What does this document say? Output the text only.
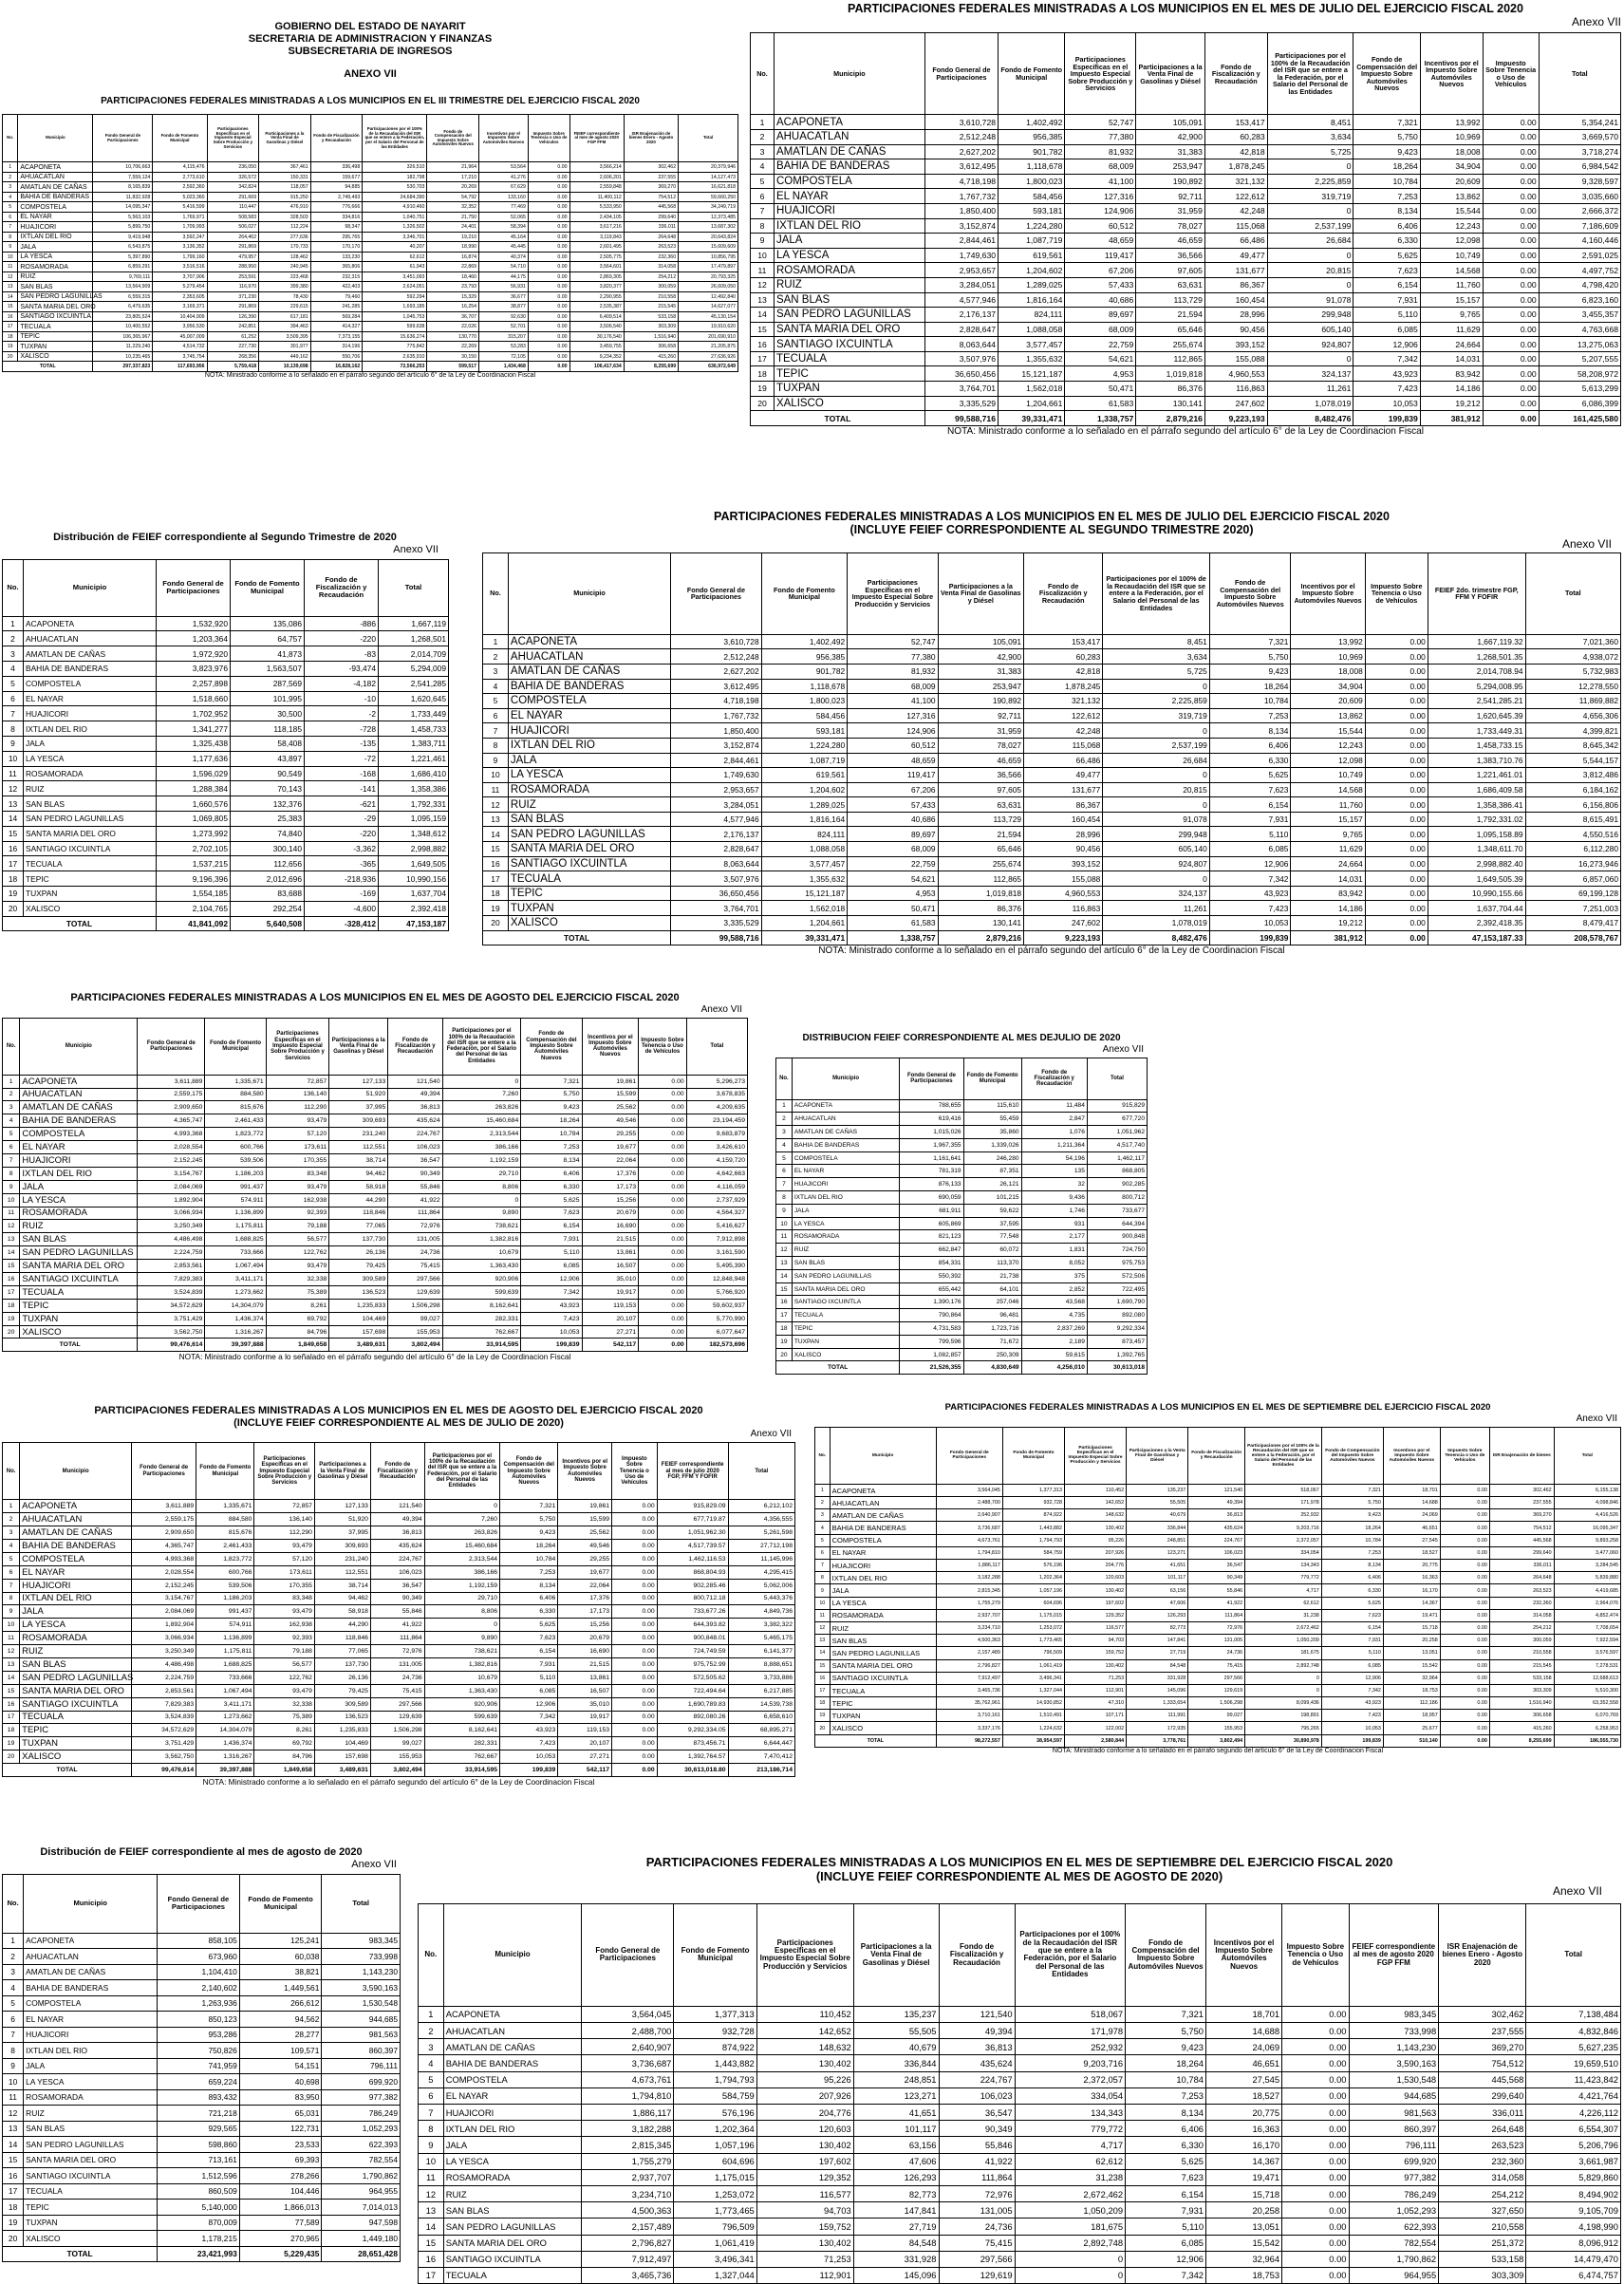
GOBIERNO DEL ESTADO DE NAYARIT
SECRETARIA DE ADMINISTRACION Y FINANZAS
SUBSECRETARIA DE INGRESOS
ANEXO VII
PARTICIPACIONES FEDERALES MINISTRADAS A LOS MUNICIPIOS EN EL III TRIMESTRE DEL EJERCICIO FISCAL 2020
No.	Municipio	Fondo General de Participaciones	Fondo de Fomento Municipal	Participaciones Específicas en el Impuesto Especial Sobre Producción y Servicios	Participaciones a la Venta Final de Gasolinas y Diésel	Fondo de Fiscalización y Recaudación	Participaciones por el 100% de la Recaudación del ISR que se entere a la Federación, por el Salario del Personal de las Entidades	Fondo de Compensación del Impuesto Sobre Automóviles Nuevos	Incentivos por el Impuesto Sobre Automóviles Nuevos	Impuesto Sobre Tenencia o Uso de Vehículos	FEIEF correspondiente al mes de agosto 2020 FGP FFM	ISR Enajenación de bienes Enero - Agosto 2020	Total
1	ACAPONETA	10,706,663	4,115,476	236,050	367,461	336,498	326,510	21,964	53,564	0.00	3,566,214	302,462	20,379,946
2	AHUACATLAN	7,559,124	2,773,610	326,572	150,331	159,677	182,798	17,210	41,276	0.00	2,606,201	237,555	14,127,473
3	AMATLAN DE CAÑAS	8,165,839	2,592,360	342,824	118,057	94,885	530,703	20,269	67,629	0.00	2,559,848	369,270	16,621,818
4	BAHIA DE BANDERAS	11,832,928	5,023,360	291,669	915,250	2,749,493	24,684,390	54,792	133,160	0.00	11,400,112	754,512	59,660,250
5	COMPOSTELA	14,095,347	5,416,599	110,447	476,910	776,666	4,910,460	32,352	77,469	0.00	5,533,950	445,568	34,249,719
6	EL NAYAR	5,563,103	1,769,971	508,583	328,503	334,816	1,040,751	21,750	52,065	0.00	2,434,105	299,640	12,373,485
7	HUAJICORI	5,899,750	1,709,993	506,027	112,224	98,347	1,326,502	24,401	58,394	0.00	3,617,216	336,011	13,687,302
8	IXTLAN DEL RIO	9,419,948	3,592,247	264,462	277,636	295,765	3,346,701	19,210	45,164	0.00	3,119,843	264,648	20,643,824
9	JALA	6,543,875	3,136,352	291,869	170,733	170,170	40,207	18,990	45,445	0.00	2,601,495	263,523	15,609,609
10	LA YESCA	5,397,890	1,799,160	479,957	128,462	133,230	62,612	16,874	40,374	0.00	2,505,775	232,360	10,856,795
11	ROSAMORADA	6,859,291	3,516,516	288,950	240,945	365,806	61,943	22,869	54,710	0.00	3,564,601	314,058	17,479,897
12	RUIZ	9,769,111	3,707,906	253,591	223,468	232,315	3,451,093	18,460	44,175	0.00	2,869,305	254,212	20,793,325
13	SAN BLAS	13,564,909	5,279,454	116,970	399,380	422,403	2,624,051	23,793	56,931	0.00	3,820,377	300,059	26,609,050
14	SAN PEDRO LAGUNILLAS	6,559,315	2,353,605	371,230	78,430	79,460	592,294	15,329	36,677	0.00	2,290,955	210,558	12,492,840
15	SANTA MARIA DEL ORO	6,479,635	3,169,371	291,869	229,615	241,285	1,693,185	16,254	38,877	0.00	2,535,387	215,545	14,627,077
16	SANTIAGO IXCUINTLA	23,805,524	10,404,909	126,390	617,181	569,284	1,045,753	36,707	92,630	0.00	6,409,514	533,158	45,130,154
17	TECUALA	10,400,552	3,956,530	242,851	394,463	414,327	599,638	22,026	52,701	0.00	3,506,540	303,309	19,910,620
18	TEPIC	106,365,967	45,007,009	61,252	3,509,395	7,373,155	15,636,274	130,770	315,207	0.00	30,176,540	1,516,940	201,690,910
19	TUXPAN	11,229,240	4,514,732	227,730	301,977	314,196	775,842	22,269	53,283	0.00	3,459,755	306,658	21,205,875
20	XALISCO	10,235,465	3,745,754	268,356	449,162	550,706	2,635,910	30,150	72,105	0.00	9,234,352	415,260	27,636,926
TOTAL		297,337,823	117,693,956	5,759,418	10,139,698	16,828,162	72,566,253	599,517	1,434,468	0.00	106,417,634	8,255,699	636,972,649
NOTA: Ministrado conforme a lo señalado en el párrafo segundo del artículo 6° de la Ley de Coordinacion Fiscal
PARTICIPACIONES FEDERALES MINISTRADAS A LOS MUNICIPIOS EN EL MES DE JULIO DEL EJERCICIO FISCAL 2020
Anexo VII
No.	Municipio	Fondo General de Participaciones	Fondo de Fomento Municipal	Participaciones Específicas en el Impuesto Especial Sobre Producción y Servicios	Participaciones a la Venta Final de Gasolinas y Diésel	Fondo de Fiscalización y Recaudación	Participaciones por el 100% de la Recaudación del ISR que se entere a la Federación, por el Salario del Personal de las Entidades	Fondo de Compensación del Impuesto Sobre Automóviles Nuevos	Incentivos por el Impuesto Sobre Automóviles Nuevos	Impuesto Sobre Tenencia o Uso de Vehículos	Total
1	ACAPONETA	3,610,728	1,402,492	52,747	105,091	153,417	8,451	7,321	13,992	0.00	5,354,241
2	AHUACATLAN	2,512,248	956,385	77,380	42,900	60,283	3,634	5,750	10,969	0.00	3,669,570
3	AMATLAN DE CAÑAS	2,627,202	901,782	81,932	31,383	42,818	5,725	9,423	18,008	0.00	3,718,274
4	BAHIA DE BANDERAS	3,612,495	1,118,678	68,009	253,947	1,878,245	0	18,264	34,904	0.00	6,984,542
5	COMPOSTELA	4,718,198	1,800,023	41,100	190,892	321,132	2,225,859	10,784	20,609	0.00	9,328,597
6	EL NAYAR	1,767,732	584,456	127,316	92,711	122,612	319,719	7,253	13,862	0.00	3,035,660
7	HUAJICORI	1,850,400	593,181	124,906	31,959	42,248	0	8,134	15,544	0.00	2,666,372
8	IXTLAN DEL RIO	3,152,874	1,224,280	60,512	78,027	115,068	2,537,199	6,406	12,243	0.00	7,186,609
9	JALA	2,844,461	1,087,719	48,659	46,659	66,486	26,684	6,330	12,098	0.00	4,160,446
10	LA YESCA	1,749,630	619,561	119,417	36,566	49,477	0	5,625	10,749	0.00	2,591,025
11	ROSAMORADA	2,953,657	1,204,602	67,206	97,605	131,677	20,815	7,623	14,568	0.00	4,497,752
12	RUIZ	3,284,051	1,289,025	57,433	63,631	86,367	0	6,154	11,760	0.00	4,798,420
13	SAN BLAS	4,577,946	1,816,164	40,686	113,729	160,454	91,078	7,931	15,157	0.00	6,823,160
14	SAN PEDRO LAGUNILLAS	2,176,137	824,111	89,697	21,594	28,996	299,948	5,110	9,765	0.00	3,455,357
15	SANTA MARIA DEL ORO	2,828,647	1,088,058	68,009	65,646	90,456	605,140	6,085	11,629	0.00	4,763,668
16	SANTIAGO IXCUINTLA	8,063,644	3,577,457	22,759	255,674	393,152	924,807	12,906	24,664	0.00	13,275,063
17	TECUALA	3,507,976	1,355,632	54,621	112,865	155,088	0	7,342	14,031	0.00	5,207,555
18	TEPIC	36,650,456	15,121,187	4,953	1,019,818	4,960,553	324,137	43,923	83,942	0.00	58,208,972
19	TUXPAN	3,764,701	1,562,018	50,471	86,376	116,863	11,261	7,423	14,186	0.00	5,613,299
20	XALISCO	3,335,529	1,204,661	61,583	130,141	247,602	1,078,019	10,053	19,212	0.00	6,086,399
TOTAL		99,588,716	39,331,471	1,338,757	2,879,216	9,223,193	8,482,476	199,839	381,912	0.00	161,425,580
NOTA: Ministrado conforme a lo señalado en el párrafo segundo del artículo 6° de la Ley de Coordinacion Fiscal
Distribución de FEIEF correspondiente al Segundo Trimestre de 2020
Anexo VII
No.	Municipio	Fondo General de Participaciones	Fondo de Fomento Municipal	Fondo de Fiscalización y Recaudación	Total
1	ACAPONETA	1,532,920	135,086	-886	1,667,119
2	AHUACATLAN	1,203,364	64,757	-220	1,268,501
3	AMATLAN DE CAÑAS	1,972,920	41,873	-83	2,014,709
4	BAHIA DE BANDERAS	3,823,976	1,563,507	-93,474	5,294,009
5	COMPOSTELA	2,257,898	287,569	-4,182	2,541,285
6	EL NAYAR	1,518,660	101,995	-10	1,620,645
7	HUAJICORI	1,702,952	30,500	-2	1,733,449
8	IXTLAN DEL RIO	1,341,277	118,185	-728	1,458,733
9	JALA	1,325,438	58,408	-135	1,383,711
10	LA YESCA	1,177,636	43,897	-72	1,221,461
11	ROSAMORADA	1,596,029	90,549	-168	1,686,410
12	RUIZ	1,288,384	70,143	-141	1,358,386
13	SAN BLAS	1,660,576	132,376	-621	1,792,331
14	SAN PEDRO LAGUNILLAS	1,069,805	25,383	-29	1,095,159
15	SANTA MARIA DEL ORO	1,273,992	74,840	-220	1,348,612
16	SANTIAGO IXCUINTLA	2,702,105	300,140	-3,362	2,998,882
17	TECUALA	1,537,215	112,656	-365	1,649,505
18	TEPIC	9,196,396	2,012,696	-218,936	10,990,156
19	TUXPAN	1,554,185	83,688	-169	1,637,704
20	XALISCO	2,104,765	292,254	-4,600	2,392,418
TOTAL		41,841,092	5,640,508	-328,412	47,153,187
PARTICIPACIONES FEDERALES MINISTRADAS A LOS MUNICIPIOS EN EL MES DE JULIO DEL EJERCICIO FISCAL 2020
(INCLUYE FEIEF CORRESPONDIENTE AL SEGUNDO TRIMESTRE 2020)
Anexo VII
No.	Municipio	Fondo General de Participaciones	Fondo de Fomento Municipal	Participaciones Específicas en el Impuesto Especial Sobre Producción y Servicios	Participaciones a la Venta Final de Gasolinas y Diésel	Fondo de Fiscalización y Recaudación	Participaciones por el 100% de la Recaudación del ISR que se entere a la Federación, por el Salario del Personal de las Entidades	Fondo de Compensación del Impuesto Sobre Automóviles Nuevos	Incentivos por el Impuesto Sobre Automóviles Nuevos	Impuesto Sobre Tenencia o Uso de Vehículos	FEIEF 2do. trimestre FGP, FFM Y FOFIR	Total
1	ACAPONETA	3,610,728	1,402,492	52,747	105,091	153,417	8,451	7,321	13,992	0.00	1,667,119.32	7,021,360
2	AHUACATLAN	2,512,248	956,385	77,380	42,900	60,283	3,634	5,750	10,969	0.00	1,268,501.35	4,938,072
3	AMATLAN DE CAÑAS	2,627,202	901,782	81,932	31,383	42,818	5,725	9,423	18,008	0.00	2,014,708.94	5,732,983
4	BAHIA DE BANDERAS	3,612,495	1,118,678	68,009	253,947	1,878,245	0	18,264	34,904	0.00	5,294,008.95	12,278,550
5	COMPOSTELA	4,718,198	1,800,023	41,100	190,892	321,132	2,225,859	10,784	20,609	0.00	2,541,285.21	11,869,882
6	EL NAYAR	1,767,732	584,456	127,316	92,711	122,612	319,719	7,253	13,862	0.00	1,620,645.39	4,656,306
7	HUAJICORI	1,850,400	593,181	124,906	31,959	42,248	0	8,134	15,544	0.00	1,733,449.31	4,399,821
8	IXTLAN DEL RIO	3,152,874	1,224,280	60,512	78,027	115,068	2,537,199	6,406	12,243	0.00	1,458,733.15	8,645,342
9	JALA	2,844,461	1,087,719	48,659	46,659	66,486	26,684	6,330	12,098	0.00	1,383,710.76	5,544,157
10	LA YESCA	1,749,630	619,561	119,417	36,566	49,477	0	5,625	10,749	0.00	1,221,461.01	3,812,486
11	ROSAMORADA	2,953,657	1,204,602	67,206	97,605	131,677	20,815	7,623	14,568	0.00	1,686,409.58	6,184,162
12	RUIZ	3,284,051	1,289,025	57,433	63,631	86,367	0	6,154	11,760	0.00	1,358,386.41	6,156,806
13	SAN BLAS	4,577,946	1,816,164	40,686	113,729	160,454	91,078	7,931	15,157	0.00	1,792,331.02	8,615,491
14	SAN PEDRO LAGUNILLAS	2,176,137	824,111	89,697	21,594	28,996	299,948	5,110	9,765	0.00	1,095,158.89	4,550,516
15	SANTA MARIA DEL ORO	2,828,647	1,088,058	68,009	65,646	90,456	605,140	6,085	11,629	0.00	1,348,611.70	6,112,280
16	SANTIAGO IXCUINTLA	8,063,644	3,577,457	22,759	255,674	393,152	924,807	12,906	24,664	0.00	2,998,882.40	16,273,946
17	TECUALA	3,507,976	1,355,632	54,621	112,865	155,088	0	7,342	14,031	0.00	1,649,505.39	6,857,060
18	TEPIC	36,650,456	15,121,187	4,953	1,019,818	4,960,553	324,137	43,923	83,942	0.00	10,990,155.66	69,199,128
19	TUXPAN	3,764,701	1,562,018	50,471	86,376	116,863	11,261	7,423	14,186	0.00	1,637,704.44	7,251,003
20	XALISCO	3,335,529	1,204,661	61,583	130,141	247,602	1,078,019	10,053	19,212	0.00	2,392,418.35	8,479,417
TOTAL		99,588,716	39,331,471	1,338,757	2,879,216	9,223,193	8,482,476	199,839	381,912	0.00	47,153,187.33	208,578,767
NOTA: Ministrado conforme a lo señalado en el párrafo segundo del artículo 6° de la Ley de Coordinacion Fiscal
PARTICIPACIONES FEDERALES MINISTRADAS A LOS MUNICIPIOS EN EL MES DE AGOSTO DEL EJERCICIO FISCAL 2020
Anexo VII
No.	Municipio	Fondo General de Participaciones	Fondo de Fomento Municipal	Participaciones Específicas en el Impuesto Especial Sobre Producción y Servicios	Participaciones a la Venta Final de Gasolinas y Diésel	Fondo de Fiscalización y Recaudación	Participaciones por el 100% de la Recaudación del ISR que se entere a la Federación, por el Salario del Personal de las Entidades	Fondo de Compensación del Impuesto Sobre Automóviles Nuevos	Incentivos por el Impuesto Sobre Automóviles Nuevos	Impuesto Sobre Tenencia o Uso de Vehículos	Total
1	ACAPONETA	3,611,889	1,335,671	72,857	127,133	121,540	0	7,321	19,861	0.00	5,296,273
2	AHUACATLAN	2,559,175	884,580	136,140	51,920	49,394	7,260	5,750	15,599	0.00	3,678,835
3	AMATLAN DE CAÑAS	2,909,650	815,676	112,290	37,995	36,813	263,826	9,423	25,562	0.00	4,209,635
4	BAHIA DE BANDERAS	4,365,747	2,461,433	93,479	309,693	435,624	15,460,684	18,264	49,546	0.00	23,194,459
5	COMPOSTELA	4,993,368	1,823,772	57,120	231,240	224,767	2,313,544	10,784	29,255	0.00	9,683,879
6	EL NAYAR	2,028,554	600,766	173,611	112,551	106,023	386,166	7,253	19,677	0.00	3,426,610
7	HUAJICORI	2,152,245	539,506	170,355	38,714	36,547	1,192,159	8,134	22,064	0.00	4,159,720
8	IXTLAN DEL RIO	3,154,767	1,186,203	83,348	94,462	90,349	29,710	6,406	17,376	0.00	4,642,663
9	JALA	2,084,069	991,437	93,479	58,918	55,846	8,806	6,330	17,173	0.00	4,116,059
10	LA YESCA	1,892,904	574,911	162,938	44,290	41,922	0	5,625	15,256	0.00	2,737,929
11	ROSAMORADA	3,066,934	1,136,899	92,393	118,846	111,864	9,890	7,623	20,679	0.00	4,564,327
12	RUIZ	3,250,349	1,175,811	79,188	77,065	72,976	738,621	6,154	16,690	0.00	5,416,627
13	SAN BLAS	4,486,498	1,688,825	56,577	137,730	131,005	1,382,816	7,931	21,515	0.00	7,912,898
14	SAN PEDRO LAGUNILLAS	2,224,759	733,666	122,762	26,136	24,736	10,679	5,110	13,861	0.00	3,161,590
15	SANTA MARIA DEL ORO	2,853,561	1,067,494	93,479	79,425	75,415	1,363,430	6,085	16,507	0.00	5,495,390
16	SANTIAGO IXCUINTLA	7,829,383	3,411,171	32,338	309,589	297,566	920,906	12,906	35,010	0.00	12,848,948
17	TECUALA	3,524,839	1,273,662	75,389	136,523	129,639	599,639	7,342	19,917	0.00	5,766,920
18	TEPIC	34,572,629	14,304,079	8,261	1,235,833	1,506,298	8,162,641	43,923	119,153	0.00	59,602,937
19	TUXPAN	3,751,429	1,436,374	69,792	104,469	99,027	282,331	7,423	20,107	0.00	5,770,990
20	XALISCO	3,562,750	1,316,267	84,796	157,698	155,953	762,667	10,053	27,271	0.00	6,077,647
TOTAL		99,476,614	39,397,888	1,849,658	3,489,631	3,802,494	33,914,595	199,839	542,117	0.00	182,573,696
NOTA: Ministrado conforme a lo señalado en el párrafo segundo del artículo 6° de la Ley de Coordinacion Fiscal
DISTRIBUCION FEIEF CORRESPONDIENTE AL MES DEJULIO DE 2020
Anexo VII
No.	Municipio	Fondo General de Participaciones	Fondo de Fomento Municipal	Fondo de Fiscalización y Recaudación	Total
1	ACAPONETA	788,655	115,610	11,484	915,829
2	AHUACATLAN	619,416	55,459	2,847	677,720
3	AMATLAN DE CAÑAS	1,015,026	35,860	1,076	1,051,962
4	BAHIA DE BANDERAS	1,967,355	1,339,026	1,211,364	4,517,740
5	COMPOSTELA	1,161,641	246,280	54,196	1,462,117
6	EL NAYAR	781,319	87,351	135	868,805
7	HUAJICORI	876,133	26,121	32	902,285
8	IXTLAN DEL RIO	690,059	101,215	9,436	800,712
9	JALA	681,911	59,622	1,746	733,677
10	LA YESCA	605,869	37,595	931	644,394
11	ROSAMORADA	821,123	77,548	2,177	900,848
12	RUIZ	662,847	60,072	1,831	724,750
13	SAN BLAS	854,331	113,370	8,052	975,753
14	SAN PEDRO LAGUNILLAS	550,392	21,738	375	572,506
15	SANTA MARIA DEL ORO	655,442	64,101	2,852	722,495
16	SANTIAGO IXCUINTLA	1,390,176	257,046	43,568	1,690,790
17	TECUALA	790,864	96,481	4,735	892,080
18	TEPIC	4,731,583	1,723,716	2,837,269	9,292,334
19	TUXPAN	799,596	71,672	2,189	873,457
20	XALISCO	1,082,857	250,309	59,615	1,392,765
TOTAL		21,526,355	4,830,649	4,256,010	30,613,018
PARTICIPACIONES FEDERALES MINISTRADAS A LOS MUNICIPIOS EN EL MES DE AGOSTO DEL EJERCICIO FISCAL 2020
(INCLUYE FEIEF CORRESPONDIENTE AL MES DE JULIO DE 2020)
Anexo VII
No.	Municipio	Fondo General de Participaciones	Fondo de Fomento Municipal	Participaciones Específicas en el Impuesto Especial Sobre Producción y Servicios	Participaciones a la Venta Final de Gasolinas y Diésel	Fondo de Fiscalización y Recaudación	Participaciones por el 100% de la Recaudación del ISR que se entere a la Federación, por el Salario del Personal de las Entidades	Fondo de Compensación del Impuesto Sobre Automóviles Nuevos	Incentivos por el Impuesto Sobre Automóviles Nuevos	Impuesto Sobre Tenencia o Uso de Vehículos	FEIEF correspondiente al mes de julio 2020 FGP, FFM Y FOFIR	Total
1	ACAPONETA	3,611,889	1,335,671	72,857	127,133	121,540	0	7,321	19,861	0.00	915,829.09	6,212,102
2	AHUACATLAN	2,559,175	884,580	136,140	51,920	49,394	7,260	5,750	15,599	0.00	677,719.87	4,356,555
3	AMATLAN DE CAÑAS	2,909,650	815,676	112,290	37,995	36,813	263,826	9,423	25,562	0.00	1,051,962.30	5,261,598
4	BAHIA DE BANDERAS	4,365,747	2,461,433	93,479	309,693	435,624	15,460,684	18,264	49,546	0.00	4,517,739.57	27,712,198
5	COMPOSTELA	4,993,368	1,823,772	57,120	231,240	224,767	2,313,544	10,784	29,255	0.00	1,462,116.53	11,145,996
6	EL NAYAR	2,028,554	600,766	173,611	112,551	106,023	386,166	7,253	19,677	0.00	868,804.93	4,295,415
7	HUAJICORI	2,152,245	539,506	170,355	38,714	36,547	1,192,159	8,134	22,064	0.00	902,285.46	5,062,006
8	IXTLAN DEL RIO	3,154,767	1,186,203	83,348	94,462	90,349	29,710	6,406	17,376	0.00	800,712.18	5,443,376
9	JALA	2,084,069	991,437	93,479	58,918	55,846	8,806	6,330	17,173	0.00	733,677.26	4,849,736
10	LA YESCA	1,892,904	574,911	162,938	44,290	41,922	0	5,625	15,256	0.00	644,393.82	3,382,322
11	ROSAMORADA	3,066,934	1,136,899	92,393	118,846	111,864	9,890	7,623	20,679	0.00	900,848.01	5,465,175
12	RUIZ	3,250,349	1,175,811	79,188	77,065	72,976	738,621	6,154	16,690	0.00	724,749.59	6,141,377
13	SAN BLAS	4,486,498	1,688,825	56,577	137,730	131,005	1,382,816	7,931	21,515	0.00	975,752.99	8,888,651
14	SAN PEDRO LAGUNILLAS	2,224,759	733,666	122,762	26,136	24,736	10,679	5,110	13,861	0.00	572,505.62	3,733,886
15	SANTA MARIA DEL ORO	2,853,561	1,067,494	93,479	79,425	75,415	1,363,430	6,085	16,507	0.00	722,494.64	6,217,885
16	SANTIAGO IXCUINTLA	7,829,383	3,411,171	32,338	309,589	297,566	920,906	12,906	35,010	0.00	1,690,789.83	14,539,738
17	TECUALA	3,524,839	1,273,662	75,389	136,523	129,639	599,639	7,342	19,917	0.00	892,080.26	6,658,610
18	TEPIC	34,572,629	14,304,079	8,261	1,235,833	1,506,298	8,162,641	43,923	119,153	0.00	9,292,334.05	68,895,271
19	TUXPAN	3,751,429	1,436,374	69,792	104,469	99,027	282,331	7,423	20,107	0.00	873,456.71	6,644,447
20	XALISCO	3,562,750	1,316,267	84,796	157,698	155,953	762,667	10,053	27,271	0.00	1,392,764.57	7,470,412
TOTAL		99,476,614	39,397,888	1,849,658	3,489,631	3,802,494	33,914,595	199,839	542,117	0.00	30,613,018.80	213,186,714
NOTA: Ministrado conforme a lo señalado en el párrafo segundo del artículo 6° de la Ley de Coordinacion Fiscal
PARTICIPACIONES FEDERALES MINISTRADAS A LOS MUNICIPIOS EN EL MES DE SEPTIEMBRE DEL EJERCICIO FISCAL 2020
Anexo VII
No.	Municipio	Fondo General de Participaciones	Fondo de Fomento Municipal	Participaciones Específicas en el Impuesto Especial Sobre Producción y Servicios	Participaciones a la Venta Final de Gasolinas y Diésel	Fondo de Fiscalización y Recaudación	Participaciones por el 100% de la Recaudación del ISR que se entere a la Federación, por el Salario del Personal de las Entidades	Fondo de Compensación del Impuesto Sobre Automóviles Nuevos	Incentivos por el Impuesto Sobre Automóviles Nuevos	Impuesto Sobre Tenencia o Uso de Vehículos	ISR Enajenación de bienes	Total
1	ACAPONETA	3,564,045	1,377,313	110,452	135,237	121,540	518,067	7,321	18,701	0.00	302,462	6,155,138
2	AHUACATLAN	2,488,700	932,728	142,652	55,505	49,394	171,978	5,750	14,688	0.00	237,555	4,098,846
3	AMATLAN DE CAÑAS	2,640,907	874,922	148,632	40,679	36,813	252,932	9,423	24,069	0.00	369,270	4,416,526
4	BAHIA DE BANDERAS	3,736,687	1,443,882	130,402	336,844	435,624	9,203,716	18,264	46,651	0.00	754,512	16,095,347
5	COMPOSTELA	4,673,761	1,794,793	95,226	248,851	224,767	2,372,057	10,784	27,545	0.00	445,568	9,893,258
6	EL NAYAR	1,794,810	584,759	207,926	123,271	106,023	334,054	7,253	18,527	0.00	299,640	3,477,060
7	HUAJICORI	1,886,117	576,196	204,776	41,651	36,547	134,343	8,134	20,775	0.00	336,011	3,284,545
8	IXTLAN DEL RIO	3,182,288	1,202,364	120,603	101,117	90,349	779,772	6,406	16,363	0.00	264,648	5,839,880
9	JALA	2,815,345	1,057,196	130,402	63,156	55,846	4,717	6,330	16,170	0.00	263,523	4,419,685
10	LA YESCA	1,755,279	604,696	197,602	47,606	41,922	62,612	5,625	14,367	0.00	232,360	2,964,076
11	ROSAMORADA	2,937,707	1,175,015	129,352	126,293	111,864	31,238	7,623	19,471	0.00	314,058	4,852,474
12	RUIZ	3,234,710	1,253,072	116,577	82,773	72,976	2,672,462	6,154	15,718	0.00	254,212	7,708,654
13	SAN BLAS	4,500,363	1,773,465	94,703	147,841	131,005	1,050,209	7,931	20,258	0.00	300,059	7,922,594
14	SAN PEDRO LAGUNILLAS	2,157,489	796,509	159,752	27,719	24,736	181,675	5,110	13,051	0.00	210,558	3,576,597
15	SANTA MARIA DEL ORO	2,796,827	1,061,419	130,402	84,548	75,415	2,892,748	6,085	15,542	0.00	215,545	7,278,531
16	SANTIAGO IXCUINTLA	7,912,497	3,496,341	71,253	331,928	297,566	0	12,906	32,964	0.00	533,158	12,688,613
17	TECUALA	3,465,736	1,327,044	112,901	145,096	129,619	0	7,342	18,753	0.00	303,309	5,510,300
18	TEPIC	35,762,961	14,930,852	47,310	1,333,654	1,506,298	8,099,436	43,923	112,186	0.00	1,516,940	63,352,558
19	TUXPAN	3,710,161	1,510,491	107,171	111,991	99,027	198,891	7,423	18,957	0.00	306,658	6,070,769
20	XALISCO	3,337,176	1,224,632	122,002	172,935	155,953	795,265	10,053	25,677	0.00	415,260	6,258,953
TOTAL		98,272,557	38,954,597	2,580,844	3,778,761	3,802,494	30,890,978	199,839	510,140	0.00	8,255,699	186,555,730
NOTA: Ministrado conforme a lo señalado en el párrafo segundo del artículo 6° de la Ley de Coordinacion Fiscal
Distribución de FEIEF correspondiente al mes de agosto de 2020
Anexo VII
No.	Municipio	Fondo General de Participaciones	Fondo de Fomento Municipal	Total
1	ACAPONETA	858,105	125,241	983,345
2	AHUACATLAN	673,960	60,038	733,998
3	AMATLAN DE CAÑAS	1,104,410	38,821	1,143,230
4	BAHIA DE BANDERAS	2,140,602	1,449,561	3,590,163
5	COMPOSTELA	1,263,936	266,612	1,530,548
6	EL NAYAR	850,123	94,562	944,685
7	HUAJICORI	953,286	28,277	981,563
8	IXTLAN DEL RIO	750,826	109,571	860,397
9	JALA	741,959	54,151	796,111
10	LA YESCA	659,224	40,698	699,920
11	ROSAMORADA	893,432	83,950	977,382
12	RUIZ	721,218	65,031	786,249
13	SAN BLAS	929,565	122,731	1,052,293
14	SAN PEDRO LAGUNILLAS	598,860	23,533	622,393
15	SANTA MARIA DEL ORO	713,161	69,393	782,554
16	SANTIAGO IXCUINTLA	1,512,596	278,266	1,790,862
17	TECUALA	860,509	104,446	964,955
18	TEPIC	5,140,000	1,866,013	7,014,013
19	TUXPAN	870,009	77,589	947,598
20	XALISCO	1,178,215	270,965	1,449,180
TOTAL		23,421,993	5,229,435	28,651,428
PARTICIPACIONES FEDERALES MINISTRADAS A LOS MUNICIPIOS EN EL MES DE SEPTIEMBRE DEL EJERCICIO FISCAL 2020
(INCLUYE FEIEF CORRESPONDIENTE AL MES DE AGOSTO DE 2020)
Anexo VII
No.	Municipio	Fondo General de Participaciones	Fondo de Fomento Municipal	Participaciones Específicas en el Impuesto Especial Sobre Producción y Servicios	Participaciones a la Venta Final de Gasolinas y Diésel	Fondo de Fiscalización y Recaudación	Participaciones por el 100% de la Recaudación del ISR que se entere a la Federación, por el Salario del Personal de las Entidades	Fondo de Compensación del Impuesto Sobre Automóviles Nuevos	Incentivos por el Impuesto Sobre Automóviles Nuevos	Impuesto Sobre Tenencia o Uso de Vehículos	FEIEF correspondiente al mes de agosto 2020 FGP FFM	ISR Enajenación de bienes Enero - Agosto 2020	Total
1	ACAPONETA	3,564,045	1,377,313	110,452	135,237	121,540	518,067	7,321	18,701	0.00	983,345	302,462	7,138,484
2	AHUACATLAN	2,488,700	932,728	142,652	55,505	49,394	171,978	5,750	14,688	0.00	733,998	237,555	4,832,846
3	AMATLAN DE CAÑAS	2,640,907	874,922	148,632	40,679	36,813	252,932	9,423	24,069	0.00	1,143,230	369,270	5,627,235
4	BAHIA DE BANDERAS	3,736,687	1,443,882	130,402	336,844	435,624	9,203,716	18,264	46,651	0.00	3,590,163	754,512	19,659,510
5	COMPOSTELA	4,673,761	1,794,793	95,226	248,851	224,767	2,372,057	10,784	27,545	0.00	1,530,548	445,568	11,423,842
6	EL NAYAR	1,794,810	584,759	207,926	123,271	106,023	334,054	7,253	18,527	0.00	944,685	299,640	4,421,764
7	HUAJICORI	1,886,117	576,196	204,776	41,651	36,547	134,343	8,134	20,775	0.00	981,563	336,011	4,226,112
8	IXTLAN DEL RIO	3,182,288	1,202,364	120,603	101,117	90,349	779,772	6,406	16,363	0.00	860,397	264,648	6,554,307
9	JALA	2,815,345	1,057,196	130,402	63,156	55,846	4,717	6,330	16,170	0.00	796,111	263,523	5,206,796
10	LA YESCA	1,755,279	604,696	197,602	47,606	41,922	62,612	5,625	14,367	0.00	699,920	232,360	3,661,987
11	ROSAMORADA	2,937,707	1,175,015	129,352	126,293	111,864	31,238	7,623	19,471	0.00	977,382	314,058	5,829,860
12	RUIZ	3,234,710	1,253,072	116,577	82,773	72,976	2,672,462	6,154	15,718	0.00	786,249	254,212	8,494,902
13	SAN BLAS	4,500,363	1,773,465	94,703	147,841	131,005	1,050,209	7,931	20,258	0.00	1,052,293	327,650	9,105,709
14	SAN PEDRO LAGUNILLAS	2,157,489	796,509	159,752	27,719	24,736	181,675	5,110	13,051	0.00	622,393	210,558	4,198,990
15	SANTA MARIA DEL ORO	2,796,827	1,061,419	130,402	84,548	75,415	2,892,748	6,085	15,542	0.00	782,554	251,372	8,096,912
16	SANTIAGO IXCUINTLA	7,912,497	3,496,341	71,253	331,928	297,566	0	12,906	32,964	0.00	1,790,862	533,158	14,479,470
17	TECUALA	3,465,736	1,327,044	112,901	145,096	129,619	0	7,342	18,753	0.00	964,955	303,309	6,474,757
